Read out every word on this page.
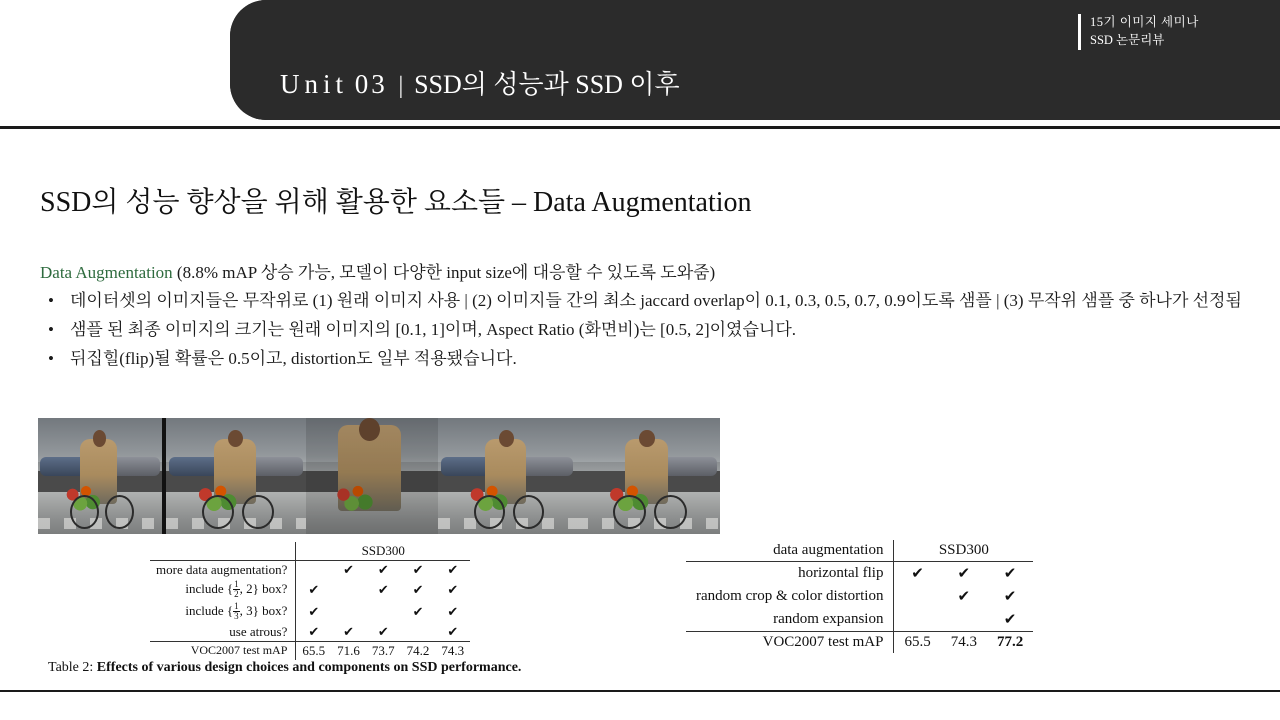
Unit 03 | SSD의 성능과 SSD 이후
15기 이미지 세미나
SSD 논문리뷰
SSD의 성능 향상을 위해 활용한 요소들 – Data Augmentation
Data Augmentation (8.8% mAP 상승 가능, 모델이 다양한 input size에 대응할 수 있도록 도와줌)
• 데이터셋의 이미지들은 무작위로 (1) 원래 이미지 사용 | (2) 이미지들 간의 최소 jaccard overlap이 0.1, 0.3, 0.5, 0.7, 0.9이도록 샘플 | (3) 무작위 샘플 중 하나가 선정됨
• 샘플 된 최종 이미지의 크기는 원래 이미지의 [0.1, 1]이며, Aspect Ratio (화면비)는 [0.5, 2]이였습니다.
• 뒤집힐(flip)될 확률은 0.5이고, distortion도 일부 적용됐습니다.
	SSD300				
more data augmentation?		✔	✔	✔	✔
include { $\frac{1}{2}$ , 2} box?	✔		✔	✔	✔
include { $\frac{1}{3}$ , 3} box?	✔			✔	✔
use atrous?	✔	✔	✔		✔
VOC2007 test mAP	65.5	71.6	73.7	74.2	74.3
Table 2: Effects of various design choices and components on SSD performance.
data augmentation	SSD300		
horizontal flip	✔	✔	✔
random crop & color distortion		✔	✔
random expansion			✔
VOC2007 test mAP	65.5	74.3	77.2
